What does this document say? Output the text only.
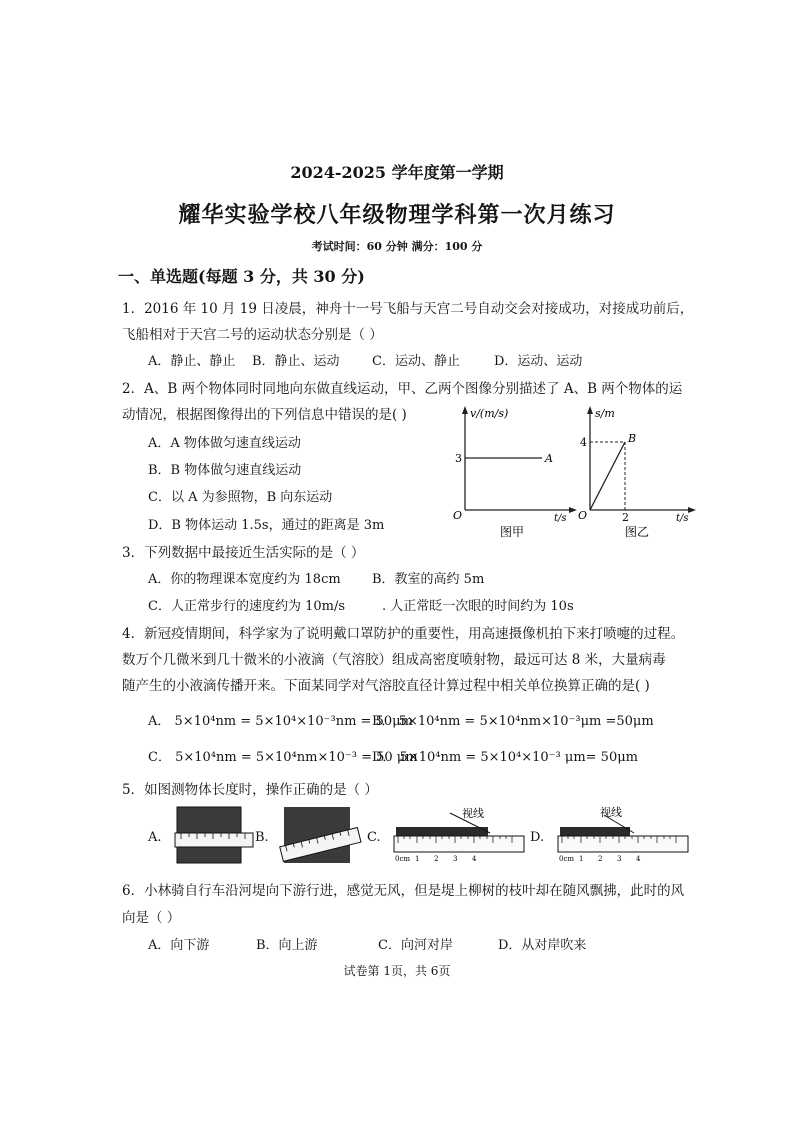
2024-2025 学年度第一学期
耀华实验学校八年级物理学科第一次月练习
考试时间：60 分钟 满分：100 分
一、单选题(每题 3 分，共 30 分)
1．2016 年 10 月 19 日凌晨，神舟十一号飞船与天宫二号自动交会对接成功，对接成功前后，
飞船相对于天宫二号的运动状态分别是（ ）
A．静止、静止 B．静止、运动 C．运动、静止	D．运动、运动
2．A、B 两个物体同时同地向东做直线运动，甲、乙两个图像分别描述了 A、B 两个物体的运
动情况，根据图像得出的下列信息中错误的是( )
A．A 物体做匀速直线运动
B．B 物体做匀速直线运动
C．以 A 为参照物，B 向东运动
D．B 物体运动 1.5s，通过的距离是 3m
v/(m/s)
3	A
O	t/s
图甲
s/m
4	B
2
O	t/s
图乙
3．下列数据中最接近生活实际的是（ ）
A．你的物理课本宽度约为 18cm B．教室的高约 5m
C．人正常步行的速度约为 10m/s	. 人正常眨一次眼的时间约为 10s
4．新冠疫情期间，科学家为了说明戴口罩防护的重要性，用高速摄像机拍下来打喷嚏的过程。
数万个几微米到几十微米的小液滴（气溶胶）组成高密度喷射物，最远可达 8 米，大量病毒
随产生的小液滴传播开来。下面某同学对气溶胶直径计算过程中相关单位换算正确的是( )
A． 5×10⁴nm = 5×10⁴×10⁻³nm = 50μm
B． 5×10⁴nm = 5×10⁴nm×10⁻³μm =50μm
C． 5×10⁴nm = 5×10⁴nm×10⁻³ = 50 μm
D． 5×10⁴nm = 5×10⁴×10⁻³ μm= 50μm
5．如图测物体长度时，操作正确的是（ ）
A.	B.	C.	D.
视线
0cm 1 2 3 4
视线
0cm 1 2 3 4
6．小林骑自行车沿河堤向下游行进，感觉无风，但是堤上柳树的枝叶却在随风飘拂，此时的风
向是（ ）
A．向下游	B．向上游	C．向河对岸	D．从对岸吹来
试卷第 1页，共 6页
